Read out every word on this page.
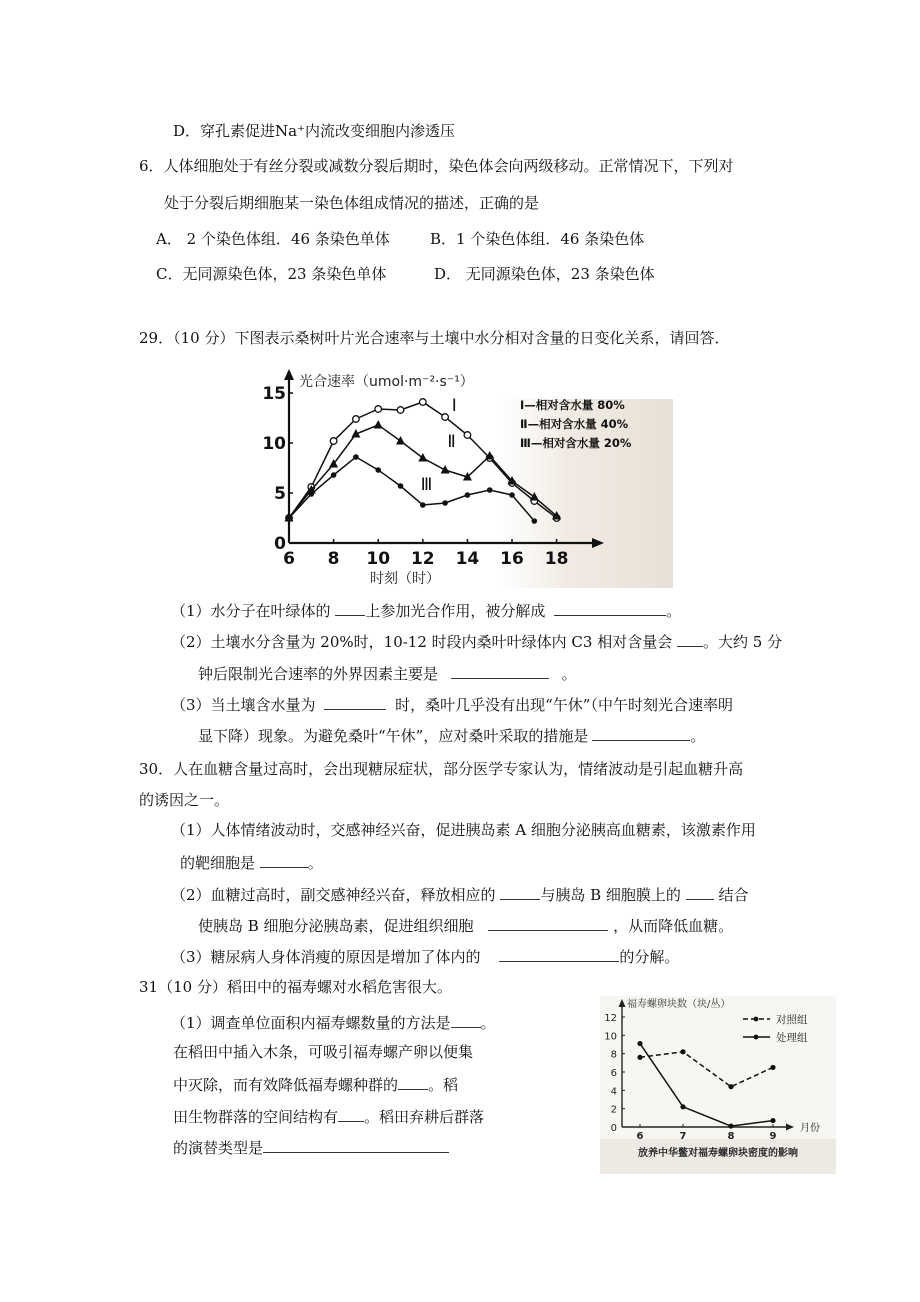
D．穿孔素促进Na⁺内流改变细胞内渗透压
6．人体细胞处于有丝分裂或减数分裂后期时，染色体会向两级移动。正常情况下，下列对
处于分裂后期细胞某一染色体组成情况的描述，正确的是
A． 2 个染色体组．46 条染色单体	B．1 个染色体组．46 条染色体
C．无同源染色体，23 条染色单体	D． 无同源染色体，23 条染色体
29．（10 分）下图表示桑树叶片光合速率与土壤中水分相对含量的日变化关系，请回答．
6 8 10 12 14 16 18
0
5
10
15
光合速率（umol·m⁻²·s⁻¹）
时刻（时）
Ⅰ
Ⅱ
Ⅲ
Ⅰ—相对含水量 80%
Ⅱ—相对含水量 40%
Ⅲ—相对含水量 20%
（1）水分子在叶绿体的 上参加光合作用，被分解成	。
（2）土壤水分含量为 20%时，10-12 时段内桑叶叶绿体内 C3 相对含量会 。大约 5 分
钟后限制光合速率的外界因素主要是	。
（3）当土壤含水量为	时，桑叶几乎没有出现“午休”（中午时刻光合速率明
显下降）现象。为避免桑叶“午休”，应对桑叶采取的措施是	。
30．人在血糖含量过高时，会出现糖尿症状，部分医学专家认为，情绪波动是引起血糖升高
的诱因之一。
（1）人体情绪波动时，交感神经兴奋，促进胰岛素 A 细胞分泌胰高血糖素，该激素作用
的靶细胞是	。
（2）血糖过高时，副交感神经兴奋，释放相应的	与胰岛 B 细胞膜上的	结合
使胰岛 B 细胞分泌胰岛素，促进组织细胞	，从而降低血糖。
（3）糖尿病人身体消瘦的原因是增加了体内的	的分解。
31（10 分）稻田中的福寿螺对水稻危害很大。
（1）调查单位面积内福寿螺数量的方法是 。
在稻田中插入木条，可吸引福寿螺产卵以便集
中灭除，而有效降低福寿螺种群的 。稻
田生物群落的空间结构有 。稻田弃耕后群落
的演替类型是
0
2
4
6
8
10
12
6	7	8	9
月份
福寿螺卵块数（块/丛）
放养中华鳖对福寿螺卵块密度的影响
对照组
处理组
